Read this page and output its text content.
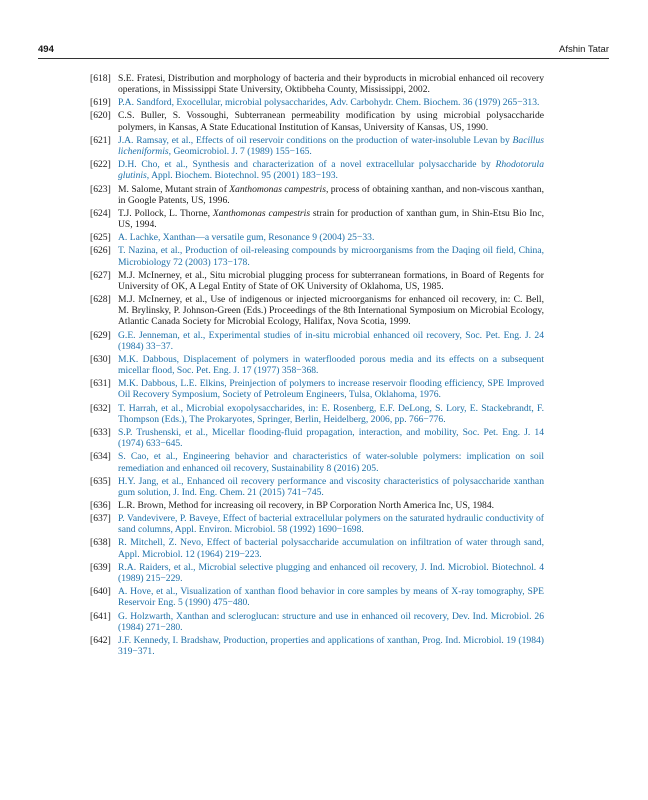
494	Afshin Tatar
[618] S.E. Fratesi, Distribution and morphology of bacteria and their byproducts in microbial enhanced oil recovery operations, in Mississippi State University, Oktibbeha County, Mississippi, 2002.
[619] P.A. Sandford, Exocellular, microbial polysaccharides, Adv. Carbohydr. Chem. Biochem. 36 (1979) 265−313.
[620] C.S. Buller, S. Vossoughi, Subterranean permeability modification by using microbial polysaccharide polymers, in Kansas, A State Educational Institution of Kansas, University of Kansas, US, 1990.
[621] J.A. Ramsay, et al., Effects of oil reservoir conditions on the production of water-insoluble Levan by Bacillus licheniformis, Geomicrobiol. J. 7 (1989) 155−165.
[622] D.H. Cho, et al., Synthesis and characterization of a novel extracellular polysaccharide by Rhodotorula glutinis, Appl. Biochem. Biotechnol. 95 (2001) 183−193.
[623] M. Salome, Mutant strain of Xanthomonas campestris, process of obtaining xanthan, and non-viscous xanthan, in Google Patents, US, 1996.
[624] T.J. Pollock, L. Thorne, Xanthomonas campestris strain for production of xanthan gum, in Shin-Etsu Bio Inc, US, 1994.
[625] A. Lachke, Xanthan—a versatile gum, Resonance 9 (2004) 25−33.
[626] T. Nazina, et al., Production of oil-releasing compounds by microorganisms from the Daqing oil field, China, Microbiology 72 (2003) 173−178.
[627] M.J. McInerney, et al., Situ microbial plugging process for subterranean formations, in Board of Regents for University of OK, A Legal Entity of State of OK University of Oklahoma, US, 1985.
[628] M.J. McInerney, et al., Use of indigenous or injected microorganisms for enhanced oil recovery, in: C. Bell, M. Brylinsky, P. Johnson-Green (Eds.) Proceedings of the 8th International Symposium on Microbial Ecology, Atlantic Canada Society for Microbial Ecology, Halifax, Nova Scotia, 1999.
[629] G.E. Jenneman, et al., Experimental studies of in-situ microbial enhanced oil recovery, Soc. Pet. Eng. J. 24 (1984) 33−37.
[630] M.K. Dabbous, Displacement of polymers in waterflooded porous media and its effects on a subsequent micellar flood, Soc. Pet. Eng. J. 17 (1977) 358−368.
[631] M.K. Dabbous, L.E. Elkins, Preinjection of polymers to increase reservoir flooding efficiency, SPE Improved Oil Recovery Symposium, Society of Petroleum Engineers, Tulsa, Oklahoma, 1976.
[632] T. Harrah, et al., Microbial exopolysaccharides, in: E. Rosenberg, E.F. DeLong, S. Lory, E. Stackebrandt, F. Thompson (Eds.), The Prokaryotes, Springer, Berlin, Heidelberg, 2006, pp. 766−776.
[633] S.P. Trushenski, et al., Micellar flooding-fluid propagation, interaction, and mobility, Soc. Pet. Eng. J. 14 (1974) 633−645.
[634] S. Cao, et al., Engineering behavior and characteristics of water-soluble polymers: implication on soil remediation and enhanced oil recovery, Sustainability 8 (2016) 205.
[635] H.Y. Jang, et al., Enhanced oil recovery performance and viscosity characteristics of polysaccharide xanthan gum solution, J. Ind. Eng. Chem. 21 (2015) 741−745.
[636] L.R. Brown, Method for increasing oil recovery, in BP Corporation North America Inc, US, 1984.
[637] P. Vandevivere, P. Baveye, Effect of bacterial extracellular polymers on the saturated hydraulic conductivity of sand columns, Appl. Environ. Microbiol. 58 (1992) 1690−1698.
[638] R. Mitchell, Z. Nevo, Effect of bacterial polysaccharide accumulation on infiltration of water through sand, Appl. Microbiol. 12 (1964) 219−223.
[639] R.A. Raiders, et al., Microbial selective plugging and enhanced oil recovery, J. Ind. Microbiol. Biotechnol. 4 (1989) 215−229.
[640] A. Hove, et al., Visualization of xanthan flood behavior in core samples by means of X-ray tomography, SPE Reservoir Eng. 5 (1990) 475−480.
[641] G. Holzwarth, Xanthan and scleroglucan: structure and use in enhanced oil recovery, Dev. Ind. Microbiol. 26 (1984) 271−280.
[642] J.F. Kennedy, I. Bradshaw, Production, properties and applications of xanthan, Prog. Ind. Microbiol. 19 (1984) 319−371.
